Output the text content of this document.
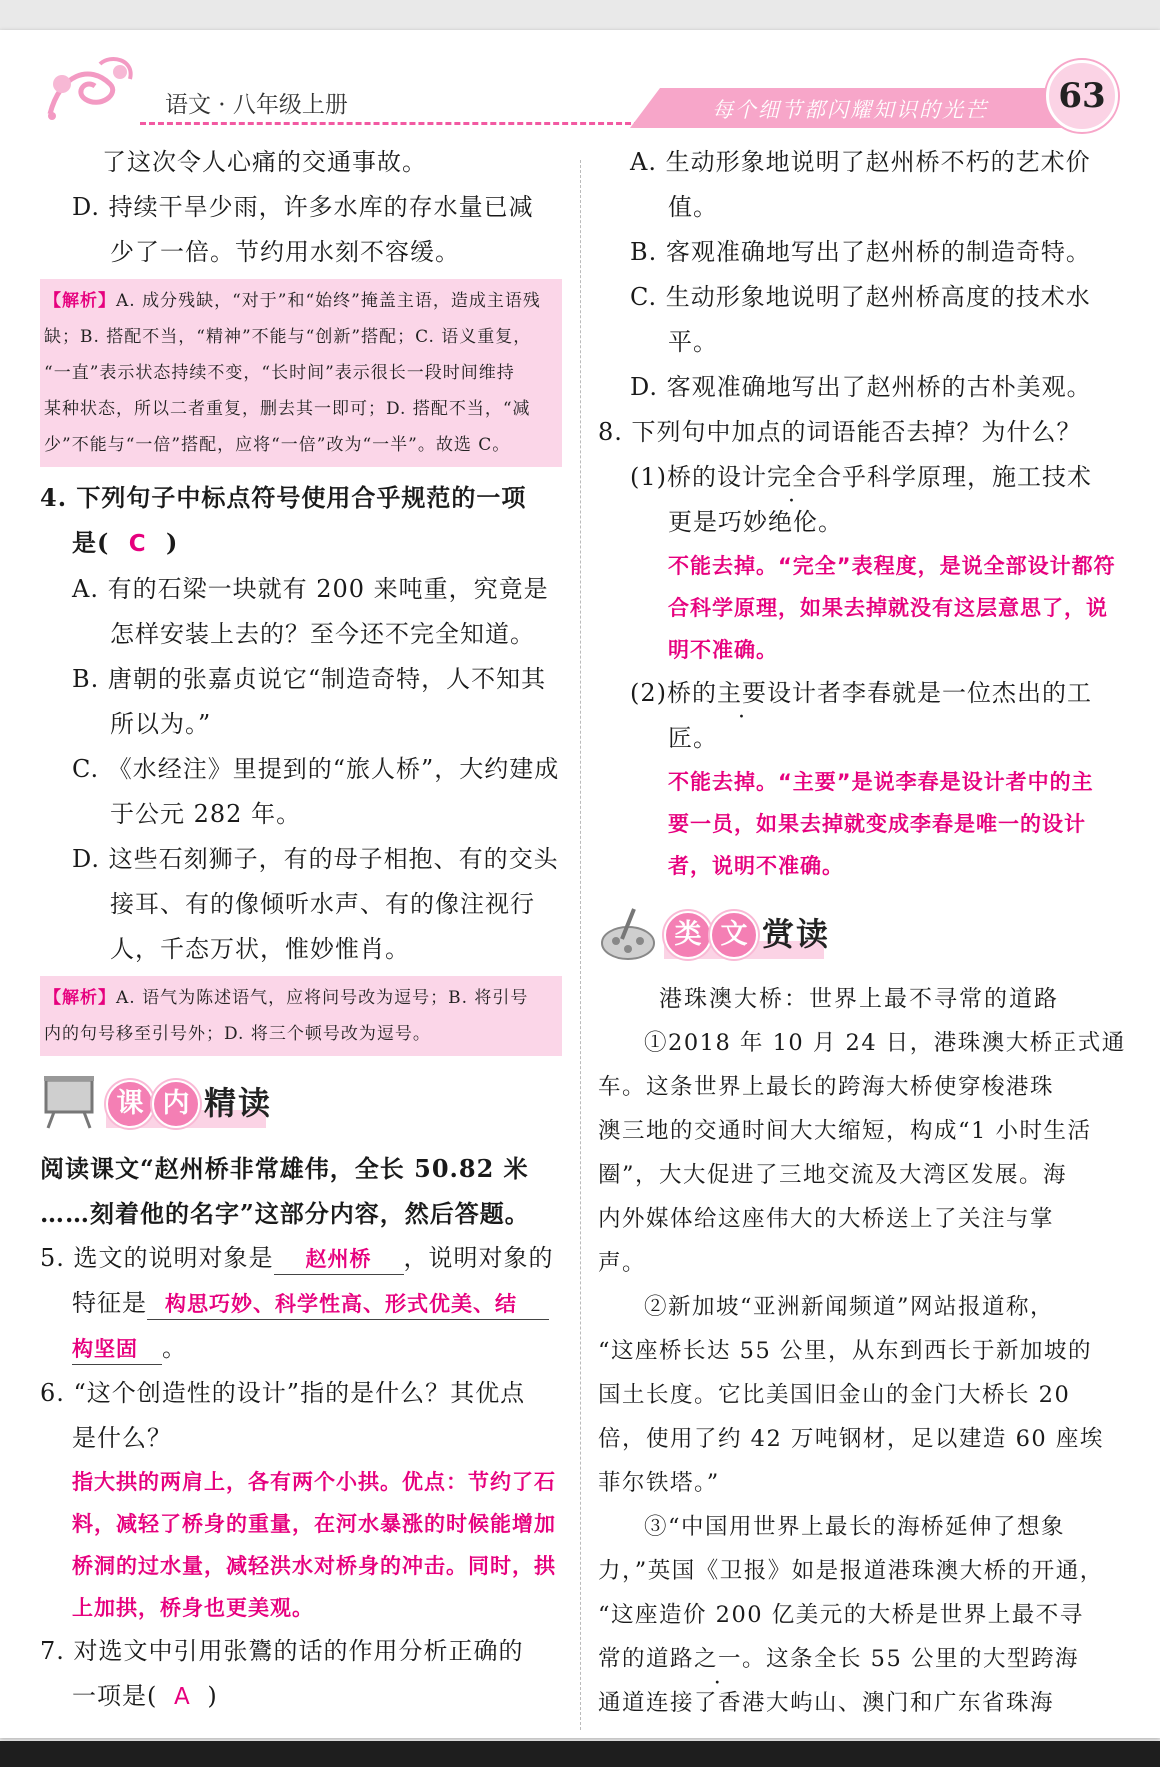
语文 · 八年级上册	每个细节都闪耀知识的光芒	63
了这次令人心痛的交通事故。
D. 持续干旱少雨，许多水库的存水量已减
少了一倍。节约用水刻不容缓。
【解析】A. 成分残缺，“对于”和“始终”掩盖主语，造成主语残
缺；B. 搭配不当，“精神”不能与“创新”搭配；C. 语义重复，
“一直”表示状态持续不变，“长时间”表示很长一段时间维持
某种状态，所以二者重复，删去其一即可；D. 搭配不当，“减
少”不能与“一倍”搭配，应将“一倍”改为“一半”。故选 C。
4. 下列句子中标点符号使用合乎规范的一项
是( C )
A. 有的石梁一块就有 200 来吨重，究竟是
怎样安装上去的？至今还不完全知道。
B. 唐朝的张嘉贞说它“制造奇特，人不知其
所以为。”
C. 《水经注》里提到的“旅人桥”，大约建成
于公元 282 年。
D. 这些石刻狮子，有的母子相抱、有的交头
接耳、有的像倾听水声、有的像注视行
人，千态万状，惟妙惟肖。
【解析】A. 语气为陈述语气，应将问号改为逗号；B. 将引号
内的句号移至引号外；D. 将三个顿号改为逗号。
课 内 精读
阅读课文“赵州桥非常雄伟，全长 50.82 米
……刻着他的名字”这部分内容，然后答题。
5. 选文的说明对象是 赵州桥 ，说明对象的
特征是 构思巧妙、科学性高、形式优美、结
构坚固 。
6. “这个创造性的设计”指的是什么？其优点
是什么？
指大拱的两肩上，各有两个小拱。优点：节约了石
料，减轻了桥身的重量，在河水暴涨的时候能增加
桥洞的过水量，减轻洪水对桥身的冲击。同时，拱
上加拱，桥身也更美观。
7. 对选文中引用张鷟的话的作用分析正确的
一项是( A )
A. 生动形象地说明了赵州桥不朽的艺术价
值。
B. 客观准确地写出了赵州桥的制造奇特。
C. 生动形象地说明了赵州桥高度的技术水
平。
D. 客观准确地写出了赵州桥的古朴美观。
8. 下列句中加点的词语能否去掉？为什么？
(1)桥的设计完全合乎科学原理，施工技术
更是巧妙绝伦。
不能去掉。“完全”表程度，是说全部设计都符
合科学原理，如果去掉就没有这层意思了，说
明不准确。
(2)桥的主要设计者李春就是一位杰出的工
匠。
不能去掉。“主要”是说李春是设计者中的主
要一员，如果去掉就变成李春是唯一的设计
者，说明不准确。
类 文 赏读
港珠澳大桥：世界上最不寻常的道路
①2018 年 10 月 24 日，港珠澳大桥正式通
车。这条世界上最长的跨海大桥使穿梭港珠
澳三地的交通时间大大缩短，构成“1 小时生活
圈”，大大促进了三地交流及大湾区发展。海
内外媒体给这座伟大的大桥送上了关注与掌
声。
②新加坡“亚洲新闻频道”网站报道称，
“这座桥长达 55 公里，从东到西长于新加坡的
国土长度。它比美国旧金山的金门大桥长 20
倍，使用了约 42 万吨钢材，足以建造 60 座埃
菲尔铁塔。”
③“中国用世界上最长的海桥延伸了想象
力，”英国《卫报》如是报道港珠澳大桥的开通，
“这座造价 200 亿美元的大桥是世界上最不寻
常的道路之一。这条全长 55 公里的大型跨海
通道连接了香港大屿山、澳门和广东省珠海
